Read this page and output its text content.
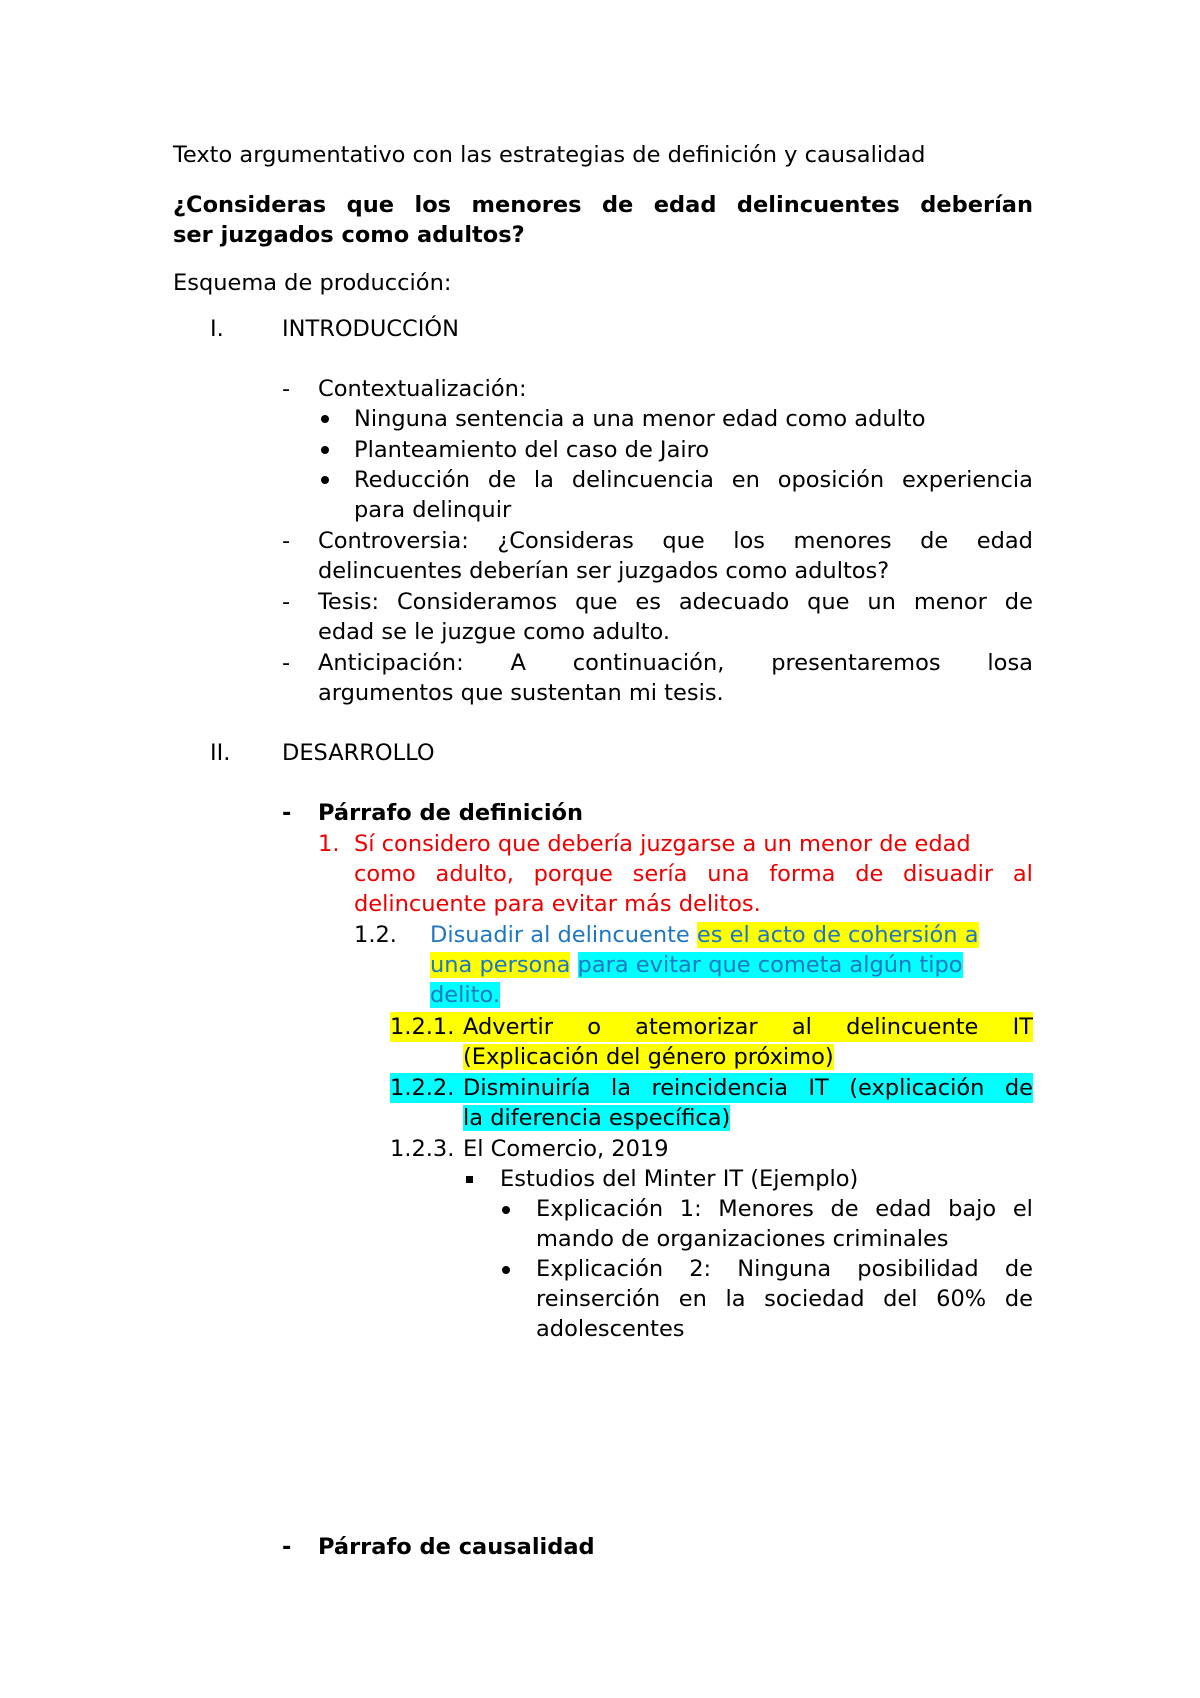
Texto argumentativo con las estrategias de definición y causalidad
¿Consideras que los menores de edad delincuentes deberían
ser juzgados como adultos?
Esquema de producción:
I.	INTRODUCCIÓN
- Contextualización:
Ninguna sentencia a una menor edad como adulto
Planteamiento del caso de Jairo
Reducción de la delincuencia en oposición experiencia
para delinquir
- Controversia: ¿Consideras que los menores de edad
delincuentes deberían ser juzgados como adultos?
- Tesis: Consideramos que es adecuado que un menor de
edad se le juzgue como adulto.
- Anticipación: A continuación, presentaremos losa
argumentos que sustentan mi tesis.
II. DESARROLLO
- Párrafo de definición
1. Sí considero que debería juzgarse a un menor de edad
como adulto, porque sería una forma de disuadir al
delincuente para evitar más delitos.
1.2. Disuadir al delincuente es el acto de cohersión a
una persona para evitar que cometa algún tipo
delito.
1.2.1. Advertir o atemorizar al delincuente IT
(Explicación del género próximo)
1.2.2. Disminuiría la reincidencia IT (explicación de
la diferencia específica)
1.2.3. El Comercio, 2019
Estudios del Minter IT (Ejemplo)
Explicación 1: Menores de edad bajo el
mando de organizaciones criminales
Explicación 2: Ninguna posibilidad de
reinserción en la sociedad del 60% de
adolescentes
- Párrafo de causalidad
